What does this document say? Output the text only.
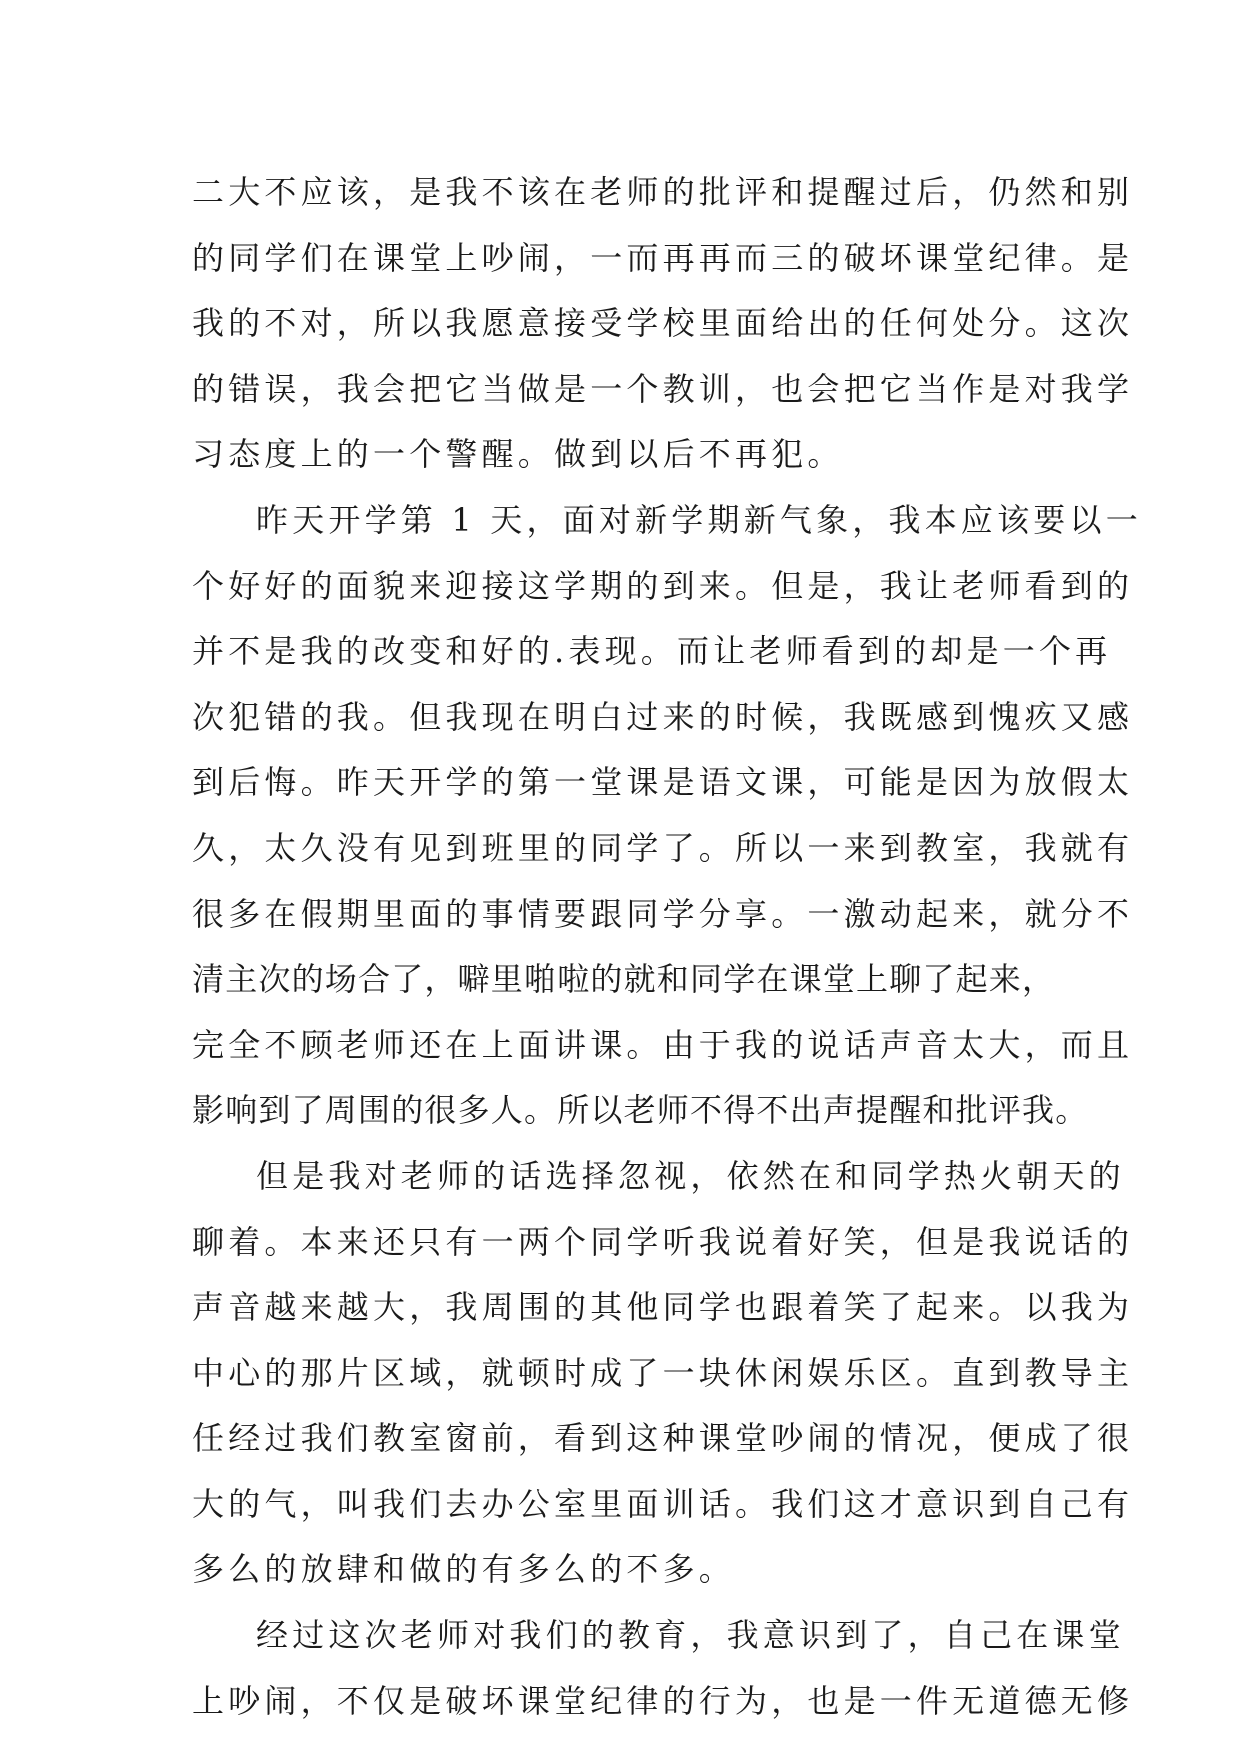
二大不应该，是我不该在老师的批评和提醒过后，仍然和别
的同学们在课堂上吵闹，一而再再而三的破坏课堂纪律。是
我的不对，所以我愿意接受学校里面给出的任何处分。这次
的错误，我会把它当做是一个教训，也会把它当作是对我学
习态度上的一个警醒。做到以后不再犯。
昨天开学第 1 天，面对新学期新气象，我本应该要以一
个好好的面貌来迎接这学期的到来。但是，我让老师看到的
并不是我的改变和好的.表现。而让老师看到的却是一个再
次犯错的我。但我现在明白过来的时候，我既感到愧疚又感
到后悔。昨天开学的第一堂课是语文课，可能是因为放假太
久，太久没有见到班里的同学了。所以一来到教室，我就有
很多在假期里面的事情要跟同学分享。一激动起来，就分不
清主次的场合了，噼里啪啦的就和同学在课堂上聊了起来，
完全不顾老师还在上面讲课。由于我的说话声音太大，而且
影响到了周围的很多人。所以老师不得不出声提醒和批评我。
但是我对老师的话选择忽视，依然在和同学热火朝天的
聊着。本来还只有一两个同学听我说着好笑，但是我说话的
声音越来越大，我周围的其他同学也跟着笑了起来。以我为
中心的那片区域，就顿时成了一块休闲娱乐区。直到教导主
任经过我们教室窗前，看到这种课堂吵闹的情况，便成了很
大的气，叫我们去办公室里面训话。我们这才意识到自己有
多么的放肆和做的有多么的不多。
经过这次老师对我们的教育，我意识到了，自己在课堂
上吵闹，不仅是破坏课堂纪律的行为，也是一件无道德无修
